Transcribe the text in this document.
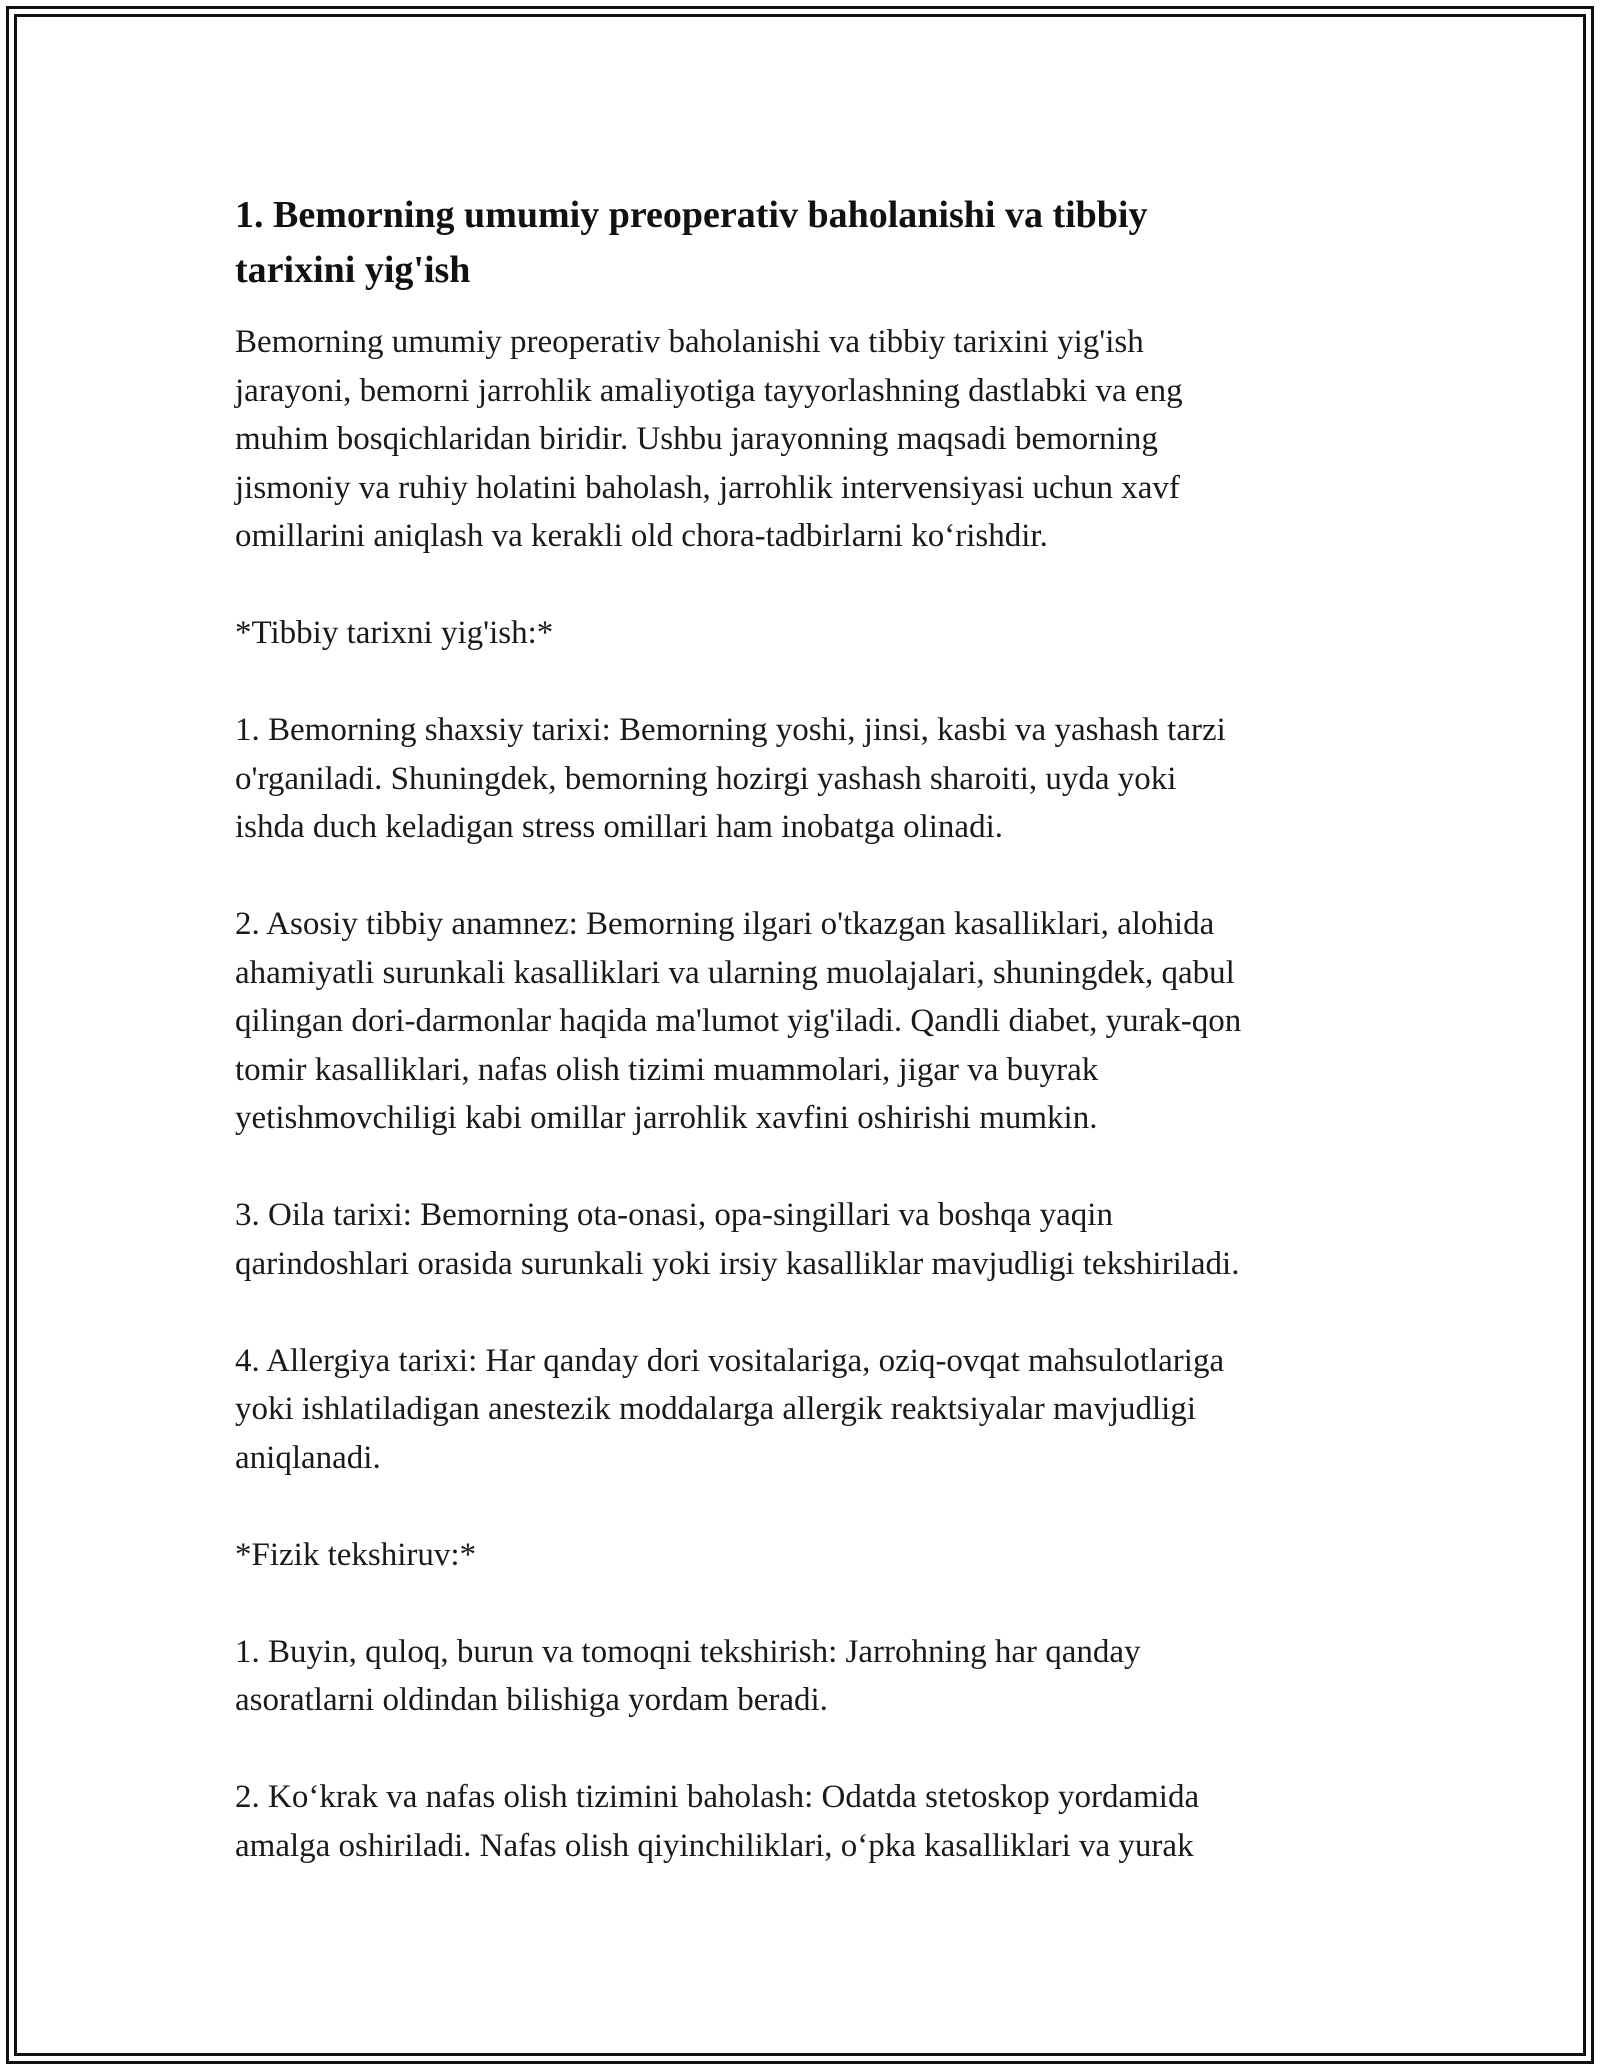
1. Bemorning umumiy preoperativ baholanishi va tibbiy
tarixini yig'ish

Bemorning umumiy preoperativ baholanishi va tibbiy tarixini yig'ish
jarayoni, bemorni jarrohlik amaliyotiga tayyorlashning dastlabki va eng
muhim bosqichlaridan biridir. Ushbu jarayonning maqsadi bemorning
jismoniy va ruhiy holatini baholash, jarrohlik intervensiyasi uchun xavf
omillarini aniqlash va kerakli old chora-tadbirlarni ko‘rishdir.

*Tibbiy tarixni yig'ish:*

1. Bemorning shaxsiy tarixi: Bemorning yoshi, jinsi, kasbi va yashash tarzi
o'rganiladi. Shuningdek, bemorning hozirgi yashash sharoiti, uyda yoki
ishda duch keladigan stress omillari ham inobatga olinadi.

2. Asosiy tibbiy anamnez: Bemorning ilgari o'tkazgan kasalliklari, alohida
ahamiyatli surunkali kasalliklari va ularning muolajalari, shuningdek, qabul
qilingan dori-darmonlar haqida ma'lumot yig'iladi. Qandli diabet, yurak-qon
tomir kasalliklari, nafas olish tizimi muammolari, jigar va buyrak
yetishmovchiligi kabi omillar jarrohlik xavfini oshirishi mumkin.

3. Oila tarixi: Bemorning ota-onasi, opa-singillari va boshqa yaqin
qarindoshlari orasida surunkali yoki irsiy kasalliklar mavjudligi tekshiriladi.

4. Allergiya tarixi: Har qanday dori vositalariga, oziq-ovqat mahsulotlariga
yoki ishlatiladigan anestezik moddalarga allergik reaktsiyalar mavjudligi
aniqlanadi.

*Fizik tekshiruv:*

1. Buyin, quloq, burun va tomoqni tekshirish: Jarrohning har qanday
asoratlarni oldindan bilishiga yordam beradi.

2. Ko‘krak va nafas olish tizimini baholash: Odatda stetoskop yordamida
amalga oshiriladi. Nafas olish qiyinchiliklari, o‘pka kasalliklari va yurak
